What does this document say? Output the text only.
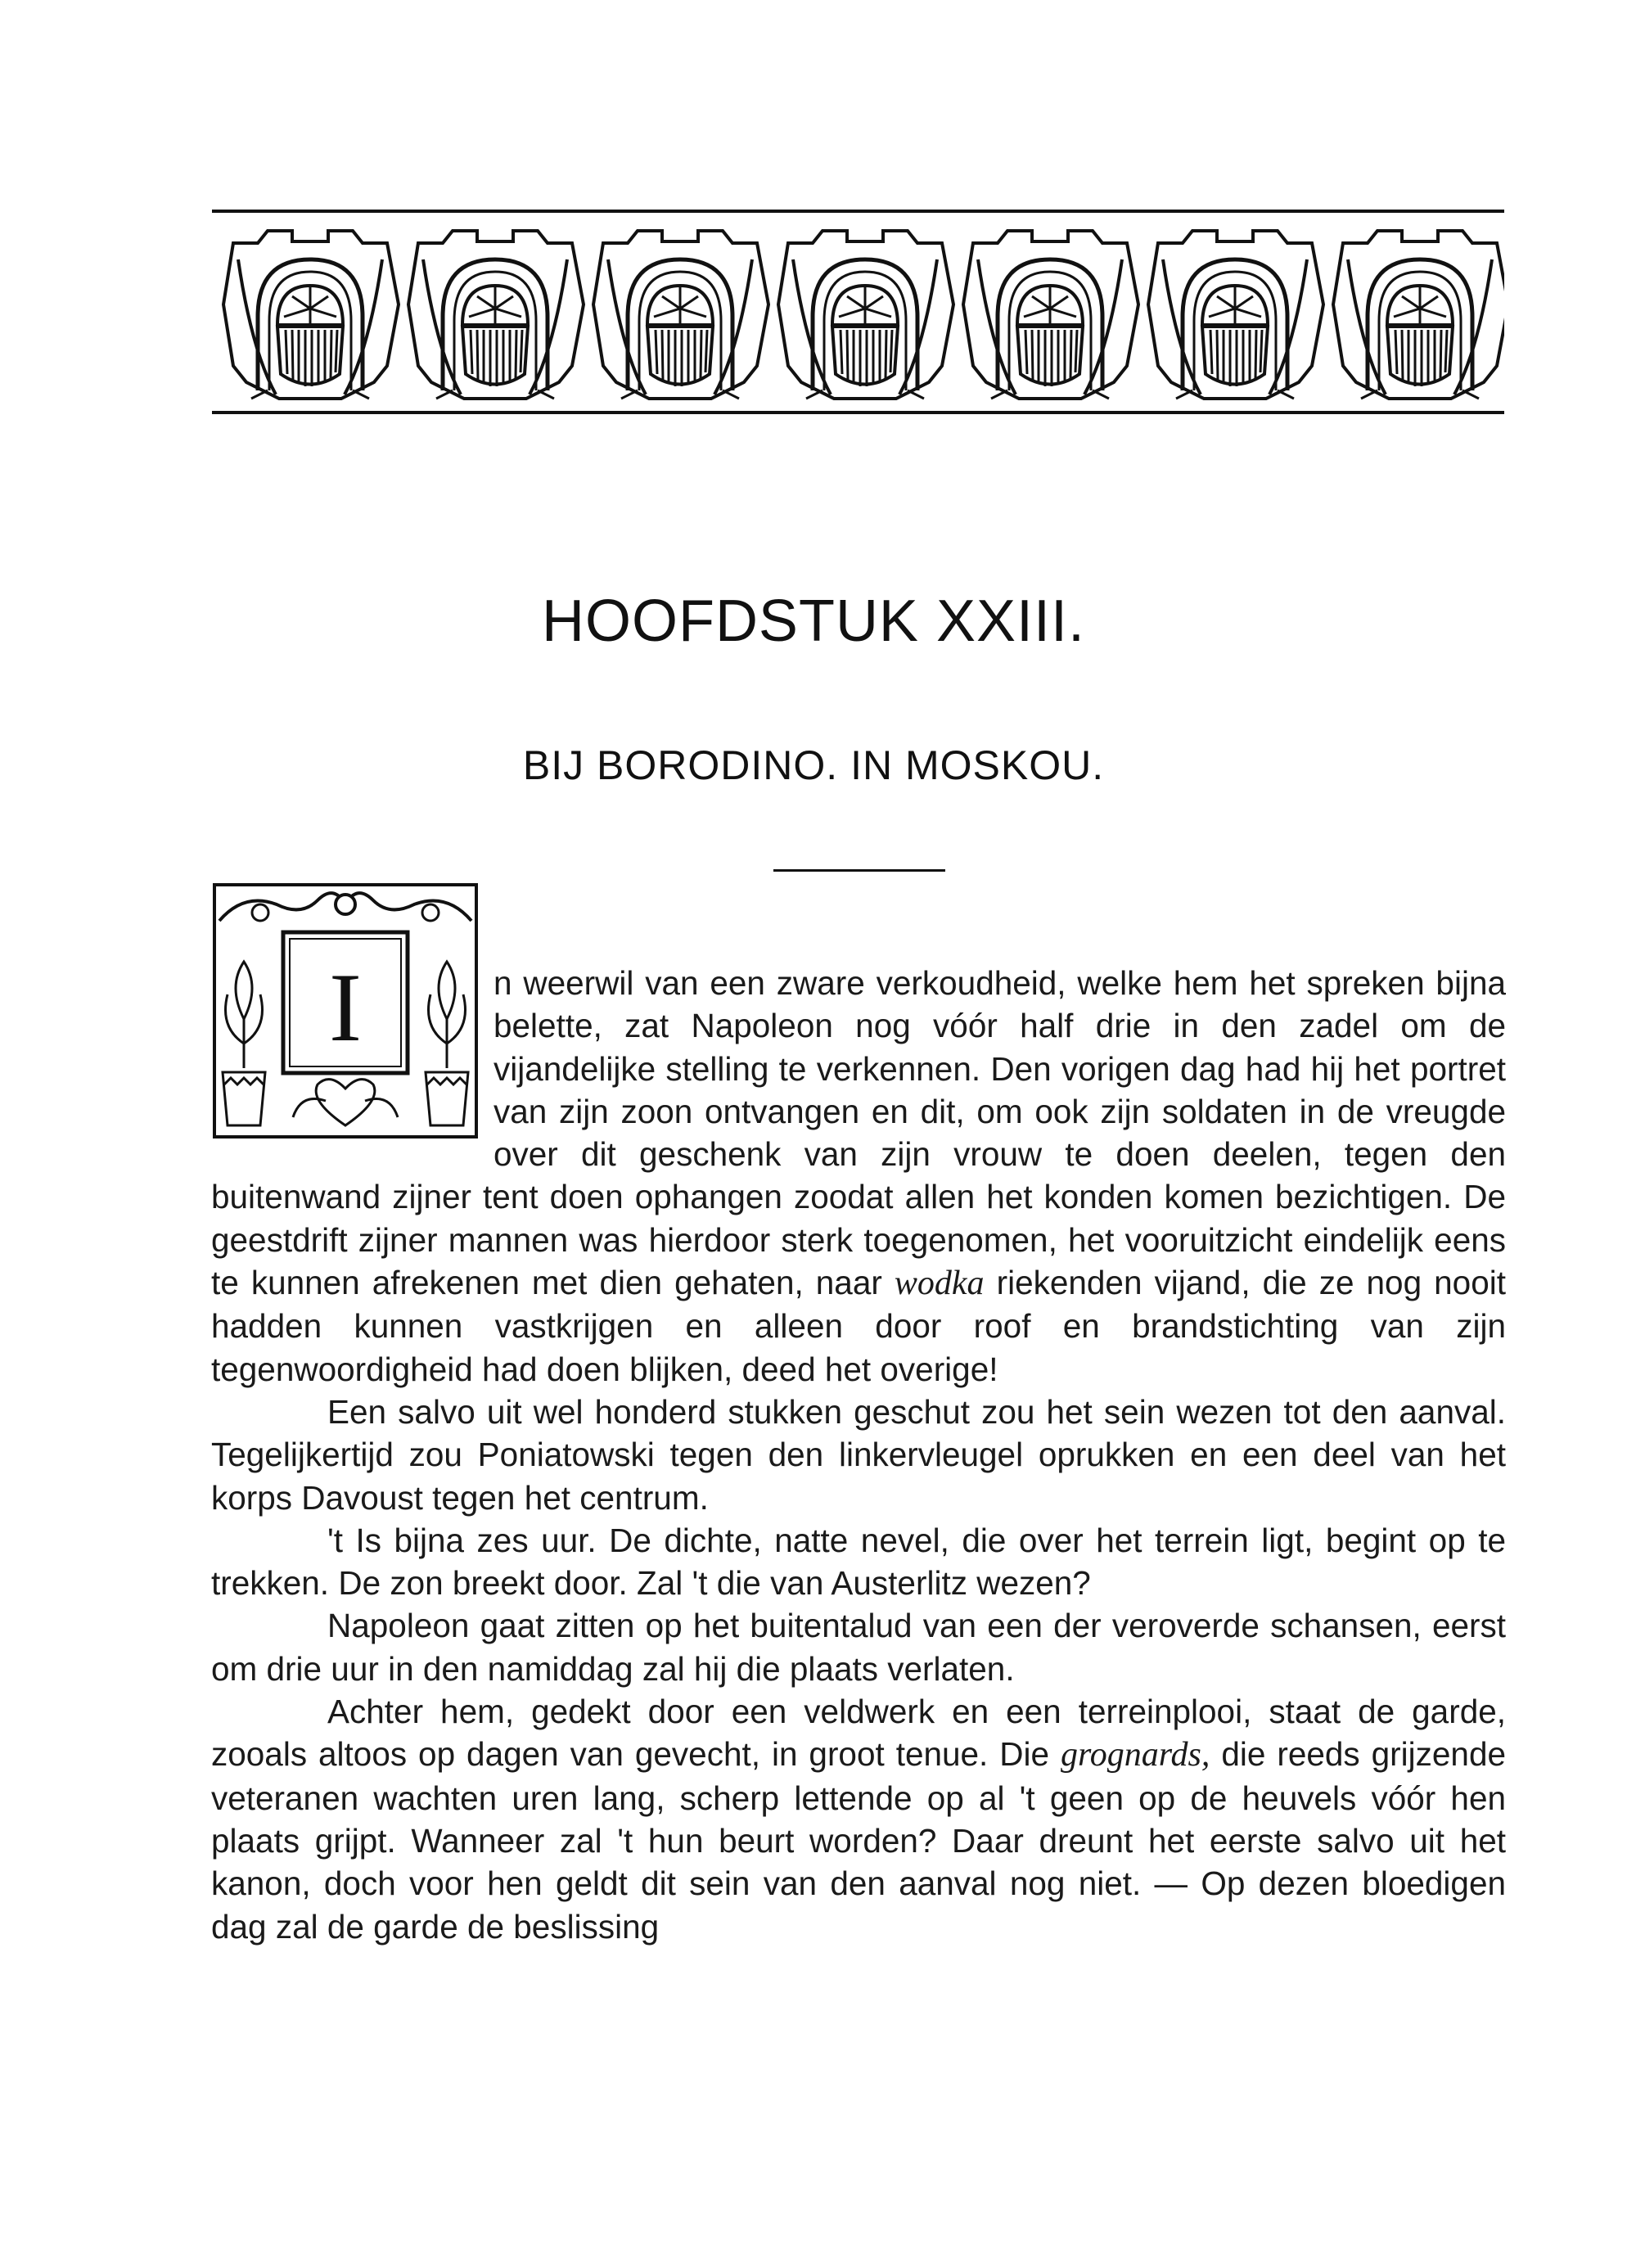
HOOFDSTUK XXIII.
BIJ BORODINO. IN MOSKOU.
I	n weerwil van een zware verkoudheid, welke hem het spreken bijna belette, zat Napoleon nog vóór half drie in den zadel om de vijandelijke stelling te verkennen. Den vorigen dag had hij het portret van zijn zoon ontvangen en dit, om ook zijn soldaten in de vreugde over dit geschenk van zijn vrouw te doen deelen, tegen den buitenwand zijner tent doen ophangen zoodat allen het konden komen bezichtigen. De geestdrift zijner mannen was hierdoor sterk toegenomen, het vooruitzicht eindelijk eens te kunnen afrekenen met dien gehaten, naar wodka riekenden vijand, die ze nog nooit hadden kunnen vastkrijgen en alleen door roof en brandstichting van zijn tegenwoordigheid had doen blijken, deed het overige!

Een salvo uit wel honderd stukken geschut zou het sein wezen tot den aanval. Tegelijkertijd zou Poniatowski tegen den linkervleugel oprukken en een deel van het korps Davoust tegen het centrum.

't Is bijna zes uur. De dichte, natte nevel, die over het terrein ligt, begint op te trekken. De zon breekt door. Zal 't die van Austerlitz wezen?

Napoleon gaat zitten op het buitentalud van een der veroverde schansen, eerst om drie uur in den namiddag zal hij die plaats verlaten.

Achter hem, gedekt door een veldwerk en een terreinplooi, staat de garde, zooals altoos op dagen van gevecht, in groot tenue. Die grognards, die reeds grijzende veteranen wachten uren lang, scherp lettende op al 't geen op de heuvels vóór hen plaats grijpt. Wanneer zal 't hun beurt worden? Daar dreunt het eerste salvo uit het kanon, doch voor hen geldt dit sein van den aanval nog niet. — Op dezen bloedigen dag zal de garde de beslissing
